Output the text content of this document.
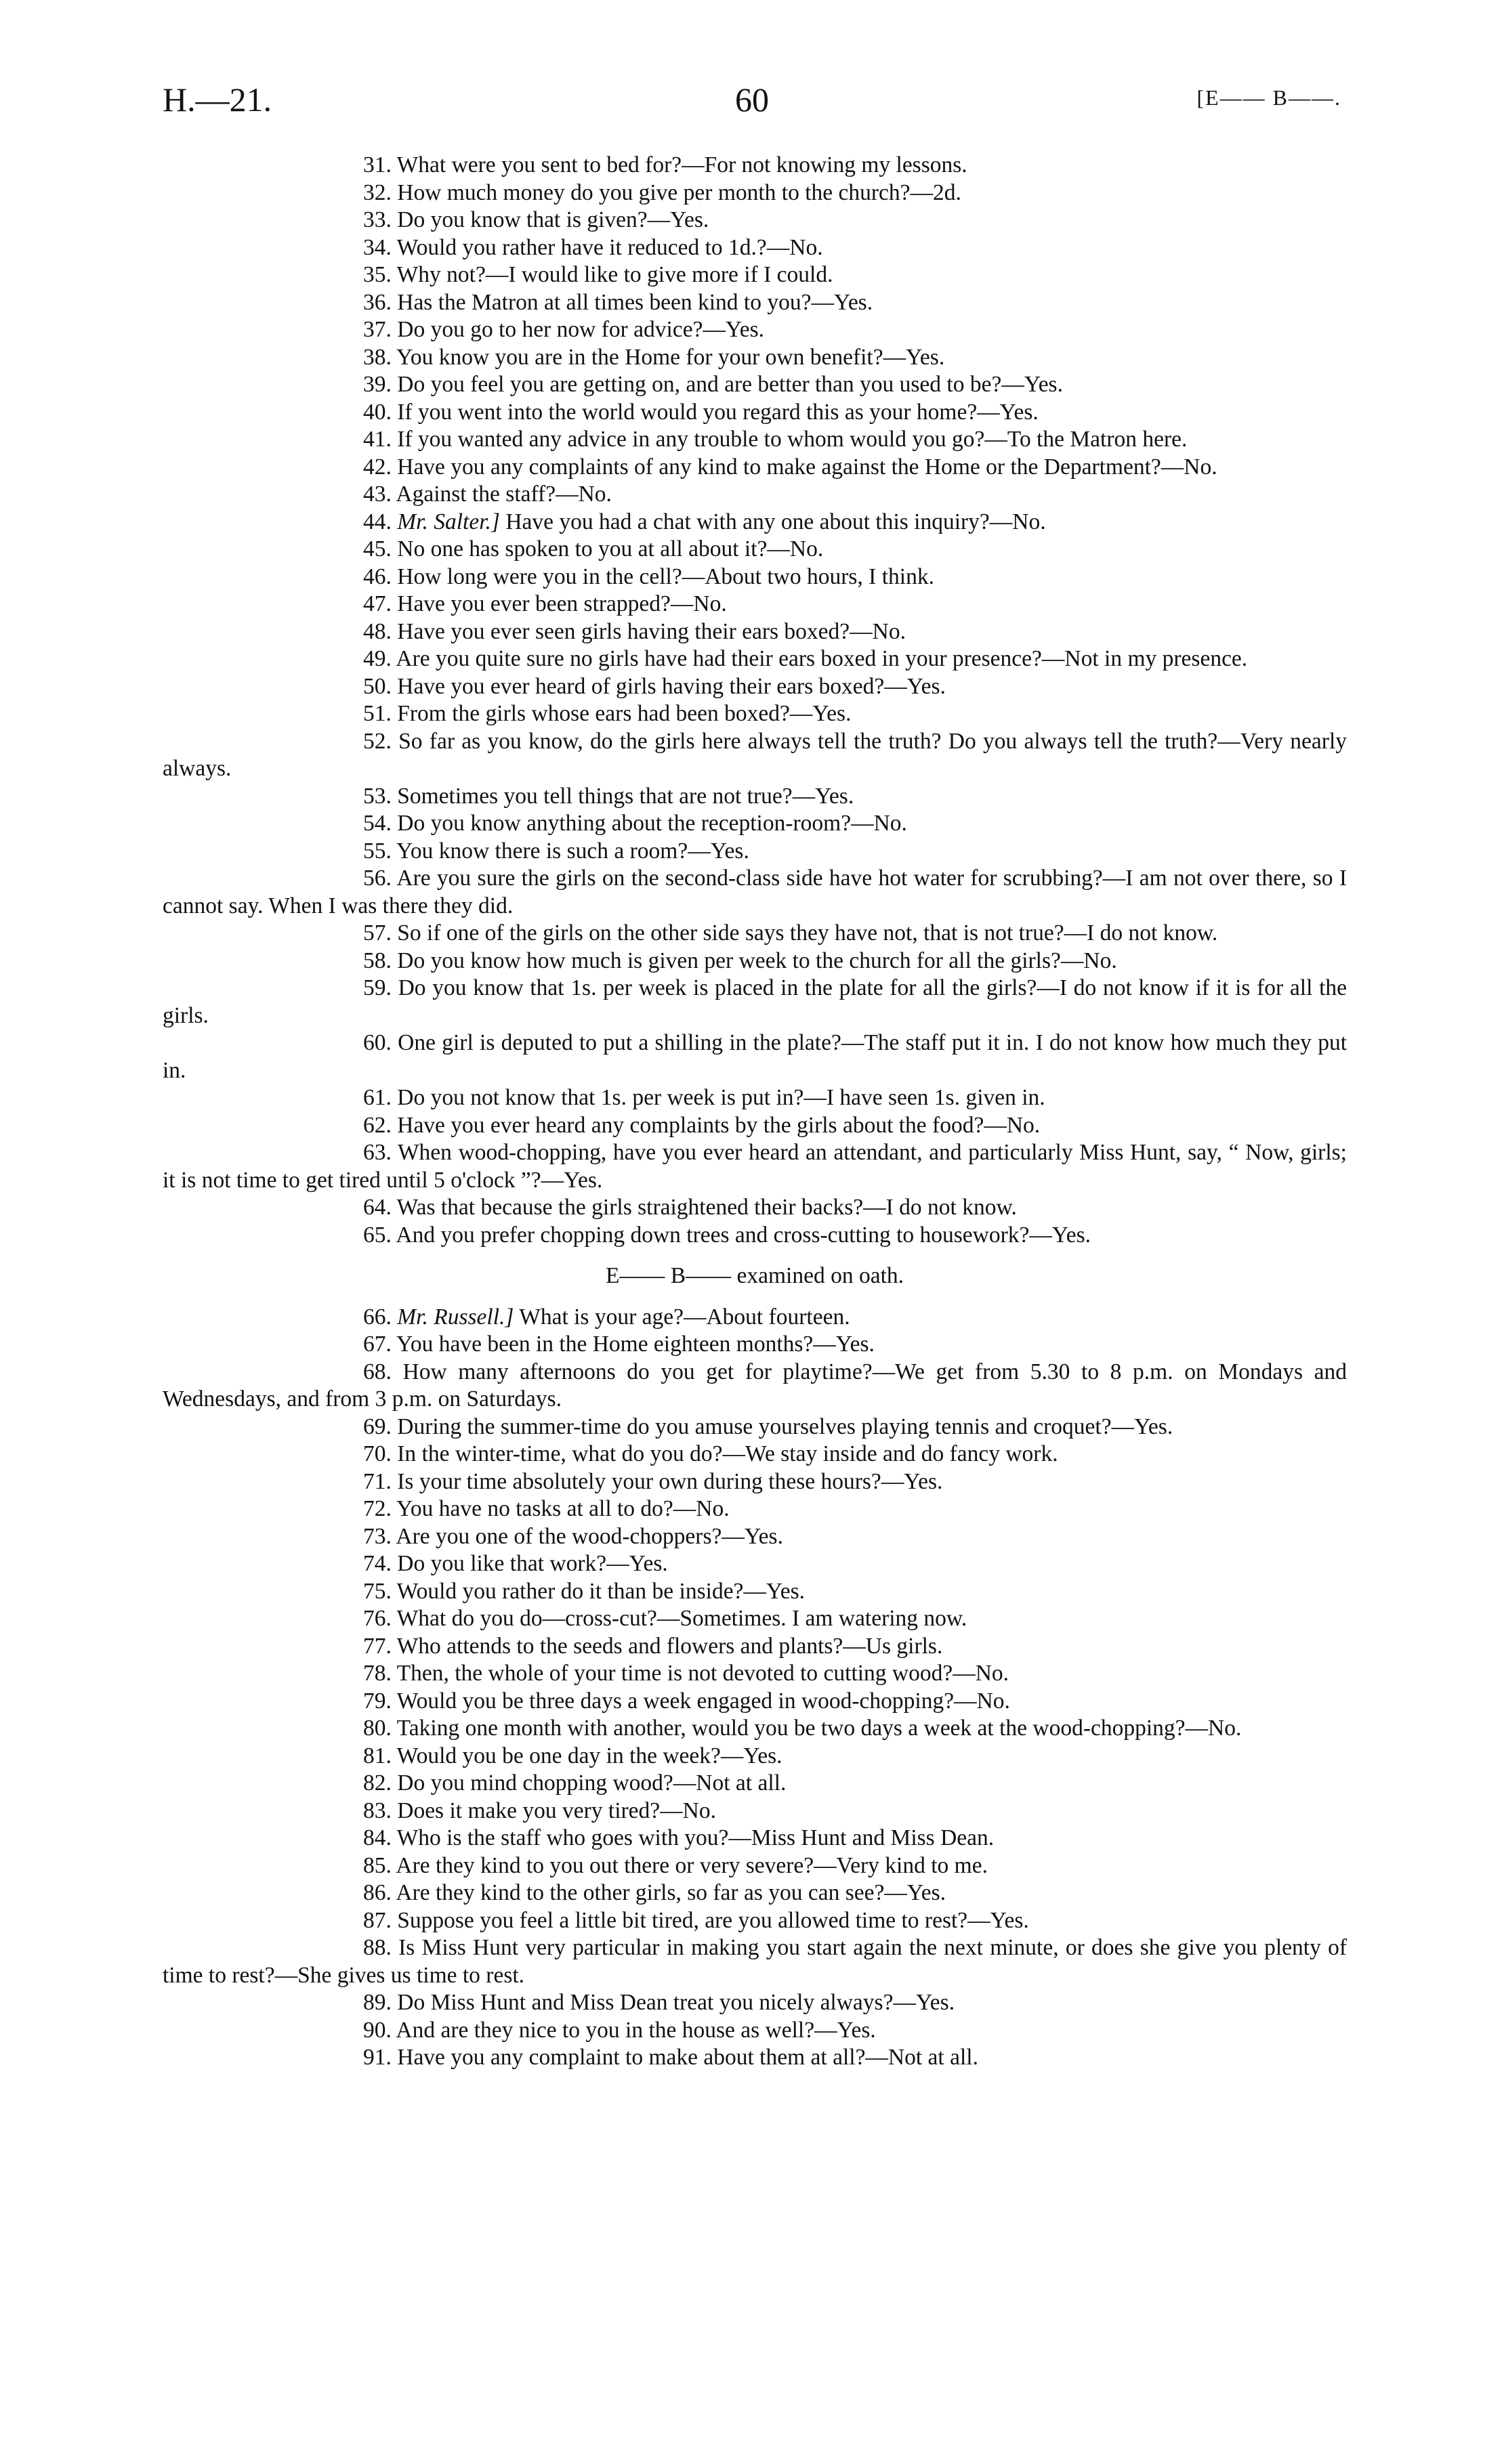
H.—21.	60	[E—— B——.
31. What were you sent to bed for?—For not knowing my lessons.
32. How much money do you give per month to the church?—2d.
33. Do you know that is given?—Yes.
34. Would you rather have it reduced to 1d.?—No.
35. Why not?—I would like to give more if I could.
36. Has the Matron at all times been kind to you?—Yes.
37. Do you go to her now for advice?—Yes.
38. You know you are in the Home for your own benefit?—Yes.
39. Do you feel you are getting on, and are better than you used to be?—Yes.
40. If you went into the world would you regard this as your home?—Yes.
41. If you wanted any advice in any trouble to whom would you go?—To the Matron here.
42. Have you any complaints of any kind to make against the Home or the Department?—No.
43. Against the staff?—No.
44. Mr. Salter.] Have you had a chat with any one about this inquiry?—No.
45. No one has spoken to you at all about it?—No.
46. How long were you in the cell?—About two hours, I think.
47. Have you ever been strapped?—No.
48. Have you ever seen girls having their ears boxed?—No.
49. Are you quite sure no girls have had their ears boxed in your presence?—Not in my presence.
50. Have you ever heard of girls having their ears boxed?—Yes.
51. From the girls whose ears had been boxed?—Yes.
52. So far as you know, do the girls here always tell the truth? Do you always tell the truth?—Very nearly always.
53. Sometimes you tell things that are not true?—Yes.
54. Do you know anything about the reception-room?—No.
55. You know there is such a room?—Yes.
56. Are you sure the girls on the second-class side have hot water for scrubbing?—I am not over there, so I cannot say. When I was there they did.
57. So if one of the girls on the other side says they have not, that is not true?—I do not know.
58. Do you know how much is given per week to the church for all the girls?—No.
59. Do you know that 1s. per week is placed in the plate for all the girls?—I do not know if it is for all the girls.
60. One girl is deputed to put a shilling in the plate?—The staff put it in. I do not know how much they put in.
61. Do you not know that 1s. per week is put in?—I have seen 1s. given in.
62. Have you ever heard any complaints by the girls about the food?—No.
63. When wood-chopping, have you ever heard an attendant, and particularly Miss Hunt, say, “ Now, girls; it is not time to get tired until 5 o'clock ”?—Yes.
64. Was that because the girls straightened their backs?—I do not know.
65. And you prefer chopping down trees and cross-cutting to housework?—Yes.
E—— B—— examined on oath.
66. Mr. Russell.] What is your age?—About fourteen.
67. You have been in the Home eighteen months?—Yes.
68. How many afternoons do you get for playtime?—We get from 5.30 to 8 p.m. on Mondays and Wednesdays, and from 3 p.m. on Saturdays.
69. During the summer-time do you amuse yourselves playing tennis and croquet?—Yes.
70. In the winter-time, what do you do?—We stay inside and do fancy work.
71. Is your time absolutely your own during these hours?—Yes.
72. You have no tasks at all to do?—No.
73. Are you one of the wood-choppers?—Yes.
74. Do you like that work?—Yes.
75. Would you rather do it than be inside?—Yes.
76. What do you do—cross-cut?—Sometimes. I am watering now.
77. Who attends to the seeds and flowers and plants?—Us girls.
78. Then, the whole of your time is not devoted to cutting wood?—No.
79. Would you be three days a week engaged in wood-chopping?—No.
80. Taking one month with another, would you be two days a week at the wood-chopping?—No.
81. Would you be one day in the week?—Yes.
82. Do you mind chopping wood?—Not at all.
83. Does it make you very tired?—No.
84. Who is the staff who goes with you?—Miss Hunt and Miss Dean.
85. Are they kind to you out there or very severe?—Very kind to me.
86. Are they kind to the other girls, so far as you can see?—Yes.
87. Suppose you feel a little bit tired, are you allowed time to rest?—Yes.
88. Is Miss Hunt very particular in making you start again the next minute, or does she give you plenty of time to rest?—She gives us time to rest.
89. Do Miss Hunt and Miss Dean treat you nicely always?—Yes.
90. And are they nice to you in the house as well?—Yes.
91. Have you any complaint to make about them at all?—Not at all.
